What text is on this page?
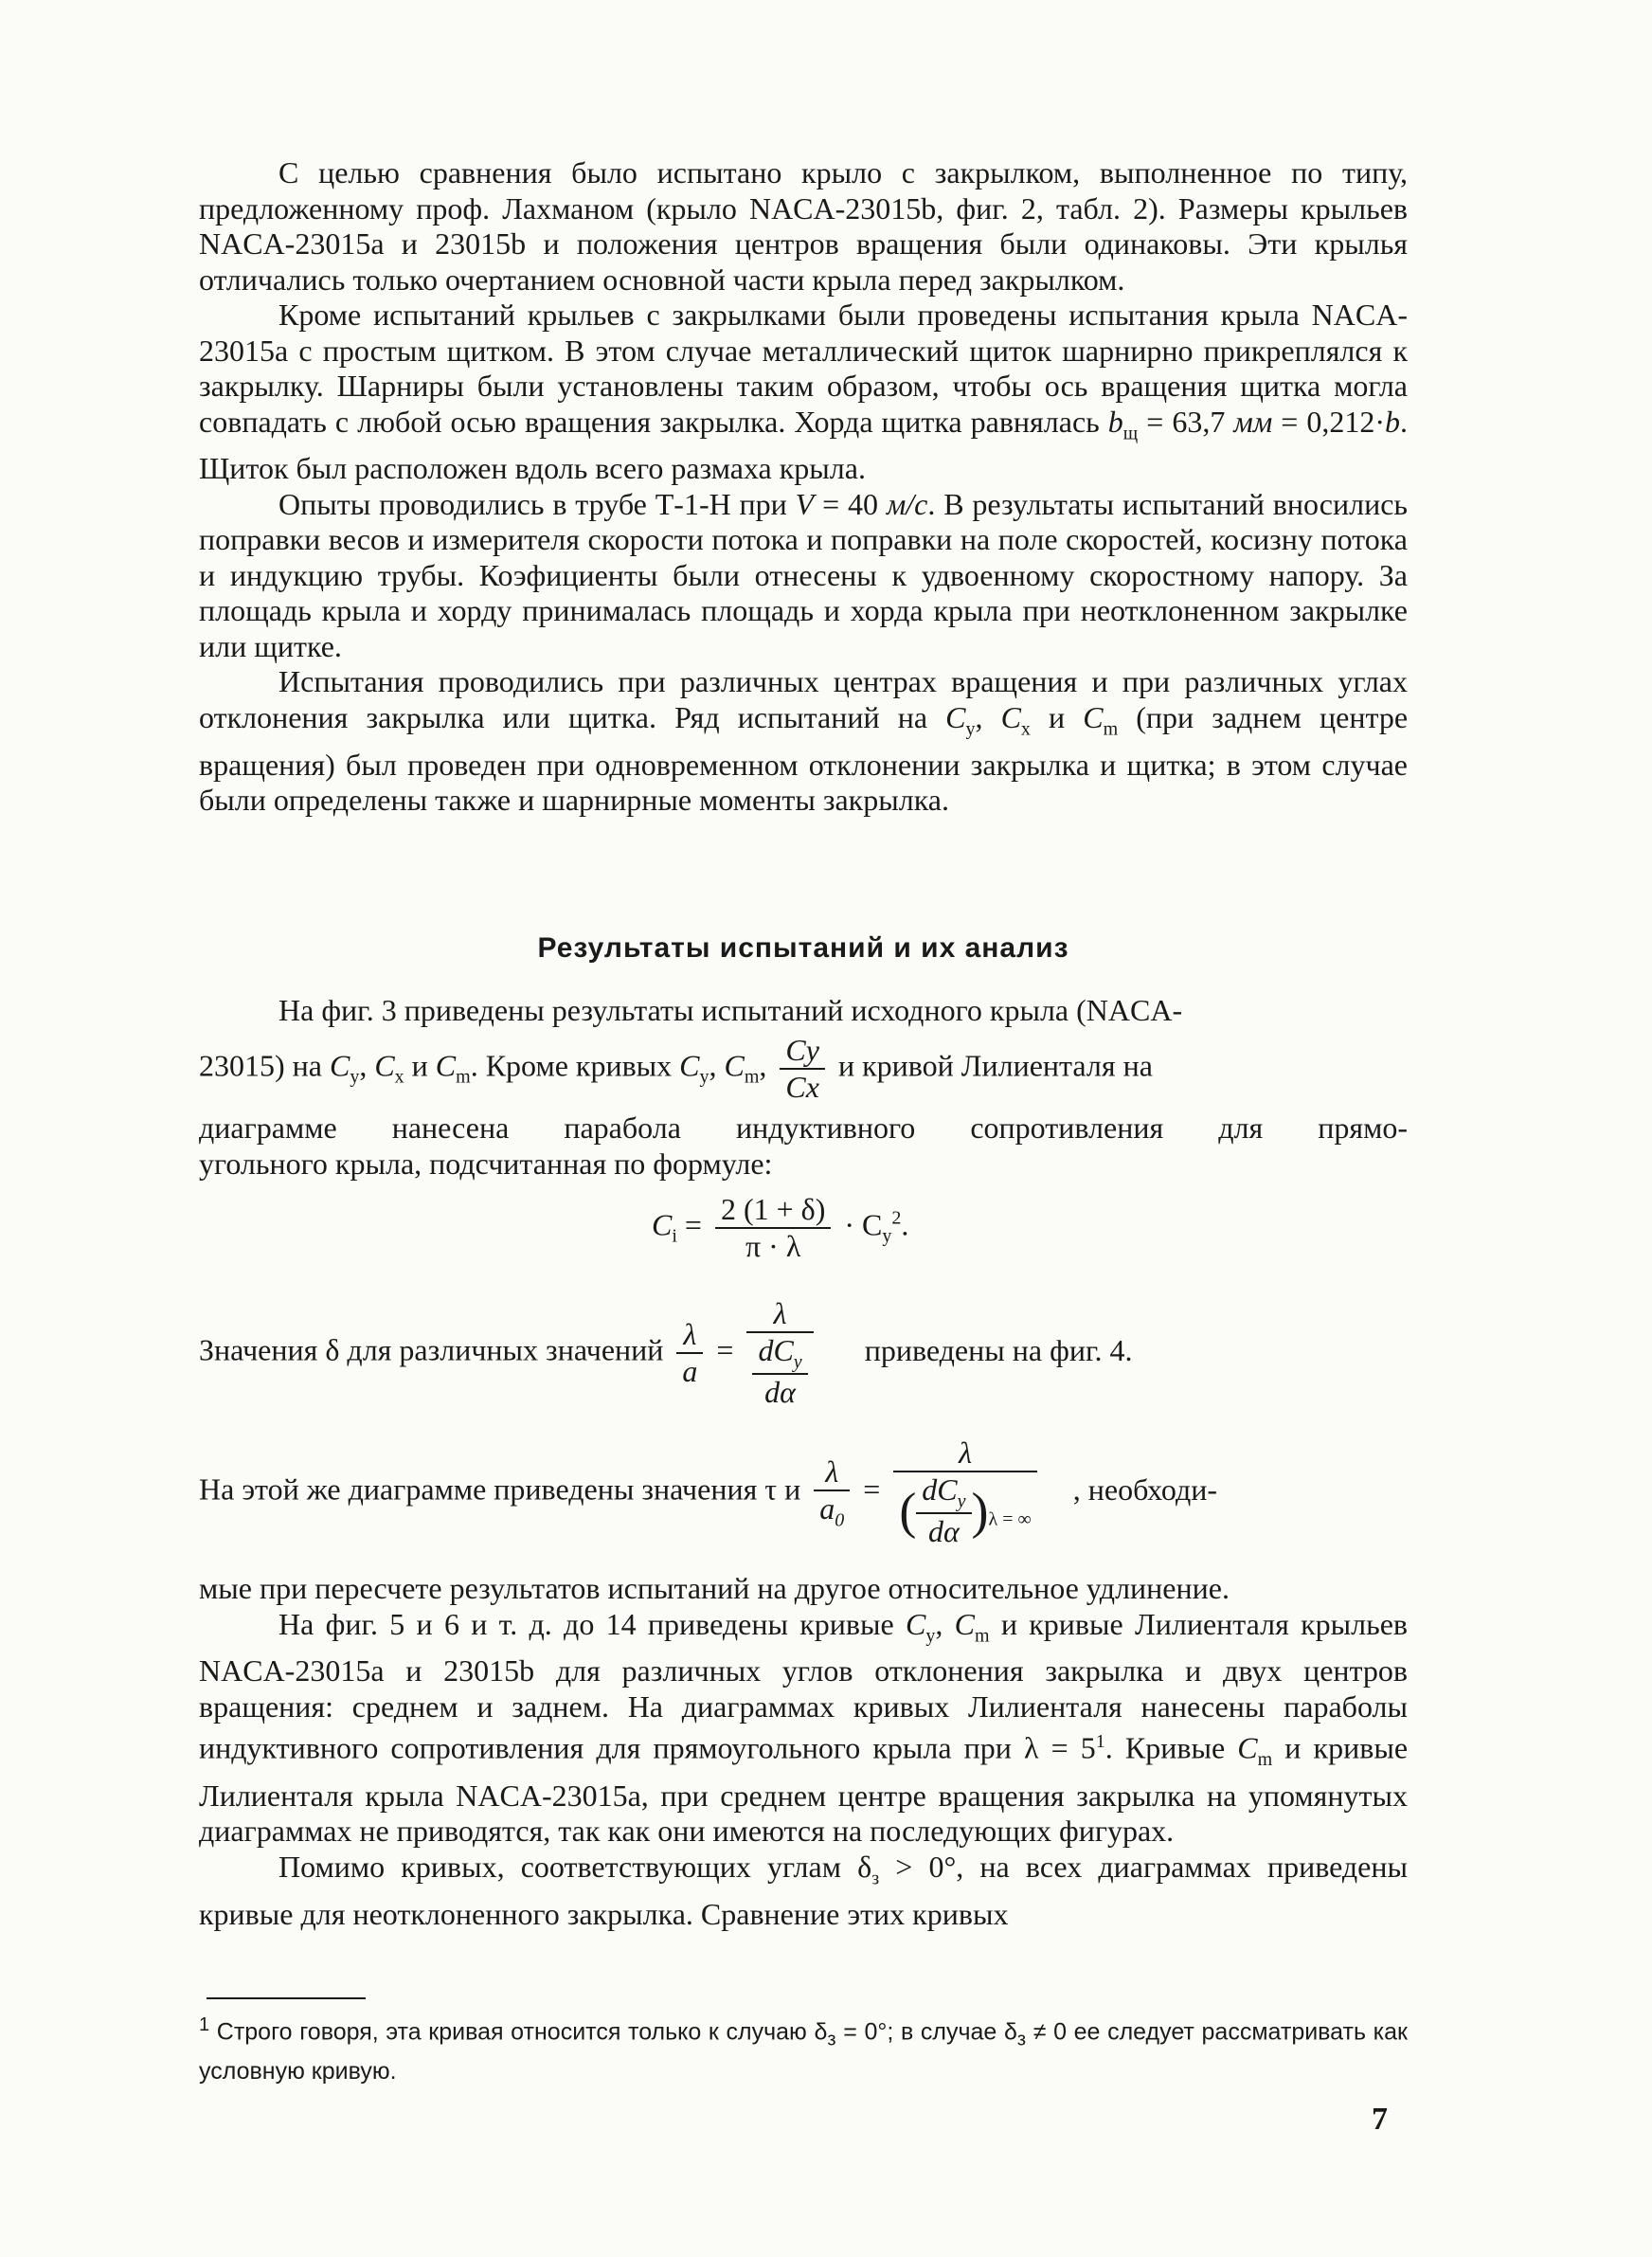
С целью сравнения было испытано крыло с закрылком, выполненное по типу, предложенному проф. Лахманом (крыло NACA-23015b, фиг. 2, табл. 2). Размеры крыльев NACA-23015a и 23015b и положения центров вращения были одинаковы. Эти крылья отличались только очертанием основной части крыла перед закрылком.

Кроме испытаний крыльев с закрылками были проведены испытания крыла NACA-23015a с простым щитком. В этом случае металлический щиток шарнирно прикреплялся к закрылку. Шарниры были установлены таким образом, чтобы ось вращения щитка могла совпадать с любой осью вращения закрылка. Хорда щитка равнялась $b_щ = 63,7$ мм = 0,212·b. Щиток был расположен вдоль всего размаха крыла.

Опыты проводились в трубе Т-1-Н при V = 40 м/с. В результаты испытаний вносились поправки весов и измерителя скорости потока и поправки на поле скоростей, косизну потока и индукцию трубы. Коэфициенты были отнесены к удвоенному скоростному напору. За площадь крыла и хорду принималась площадь и хорда крыла при неотклоненном закрылке или щитке.

Испытания проводились при различных центрах вращения и при различных углах отклонения закрылка или щитка. Ряд испытаний на $C_y$, $C_x$ и $C_m$ (при заднем центре вращения) был проведен при одновременном отклонении закрылка и щитка; в этом случае были определены также и шарнирные моменты закрылка.

Результаты испытаний и их анализ
На фиг. 3 приведены результаты испытаний исходного крыла (NACA-
23015) на $C_y$, $C_x$ и $C_m$. Кроме кривых $C_y$, $C_m$, $\frac{Cy}{Cx}$ и кривой Лилиенталя на
диаграмме нанесена парабола индуктивного сопротивления для прямо-
угольного крыла, подсчитанная по формуле:
$C_i = \frac{2 (1 + \delta)}{\pi \cdot \lambda} \cdot C_y^2$.
Значения δ для различных значений $\frac{\lambda}{a} = \frac{\lambda}{\frac{dC_y}{d\alpha}}$ приведены на фиг. 4.
На этой же диаграмме приведены значения τ и $\frac{\lambda}{a_0} = \frac{\lambda}{( \frac{dC_y}{d\alpha} )_{\lambda = \infty}}$ , необходи-

мые при пересчете результатов испытаний на другое относительное удлинение.

На фиг. 5 и 6 и т. д. до 14 приведены кривые $C_y$, $C_m$ и кривые Лилиенталя крыльев NACA-23015a и 23015b для различных углов отклонения закрылка и двух центров вращения: среднем и заднем. На диаграммах кривых Лилиенталя нанесены параболы индуктивного сопротивления для прямоугольного крыла при $\lambda = 5^1$. Кривые $C_m$ и кривые Лилиенталя крыла NACA-23015a, при среднем центре вращения закрылка на упомянутых диаграммах не приводятся, так как они имеются на последующих фигурах.

Помимо кривых, соответствующих углам $\delta_з > 0^\circ$, на всех диаграммах приведены кривые для неотклоненного закрылка. Сравнение этих кривых

$^1$ Строго говоря, эта кривая относится только к случаю $\delta_з = 0^\circ$; в случае $\delta_з \ne 0$ ее следует рассматривать как условную кривую.
7
